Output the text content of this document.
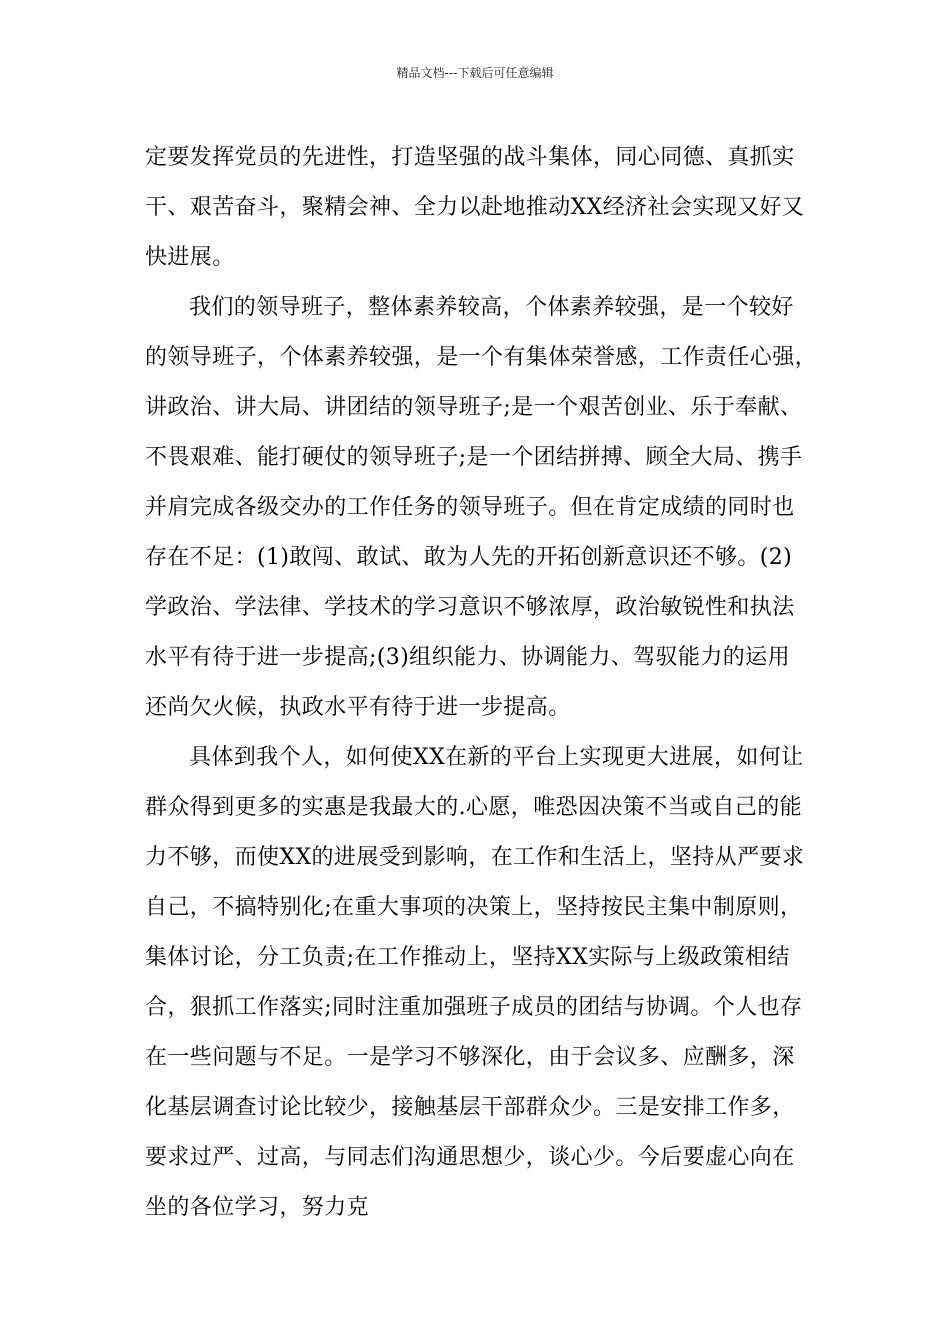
精品文档---下载后可任意编辑
定要发挥党员的先进性，打造坚强的战斗集体，同心同德、真抓实
干、艰苦奋斗，聚精会神、全力以赴地推动XX经济社会实现又好又
快进展。
我们的领导班子，整体素养较高，个体素养较强，是一个较好
的领导班子，个体素养较强，是一个有集体荣誉感，工作责任心强，
讲政治、讲大局、讲团结的领导班子;是一个艰苦创业、乐于奉献、
不畏艰难、能打硬仗的领导班子;是一个团结拼搏、顾全大局、携手
并肩完成各级交办的工作任务的领导班子。但在肯定成绩的同时也
存在不足：(1)敢闯、敢试、敢为人先的开拓创新意识还不够。(2)
学政治、学法律、学技术的学习意识不够浓厚，政治敏锐性和执法
水平有待于进一步提高;(3)组织能力、协调能力、驾驭能力的运用
还尚欠火候，执政水平有待于进一步提高。
具体到我个人，如何使XX在新的平台上实现更大进展，如何让
群众得到更多的实惠是我最大的.心愿，唯恐因决策不当或自己的能
力不够，而使XX的进展受到影响，在工作和生活上，坚持从严要求
自己，不搞特别化;在重大事项的决策上，坚持按民主集中制原则，
集体讨论，分工负责;在工作推动上，坚持XX实际与上级政策相结
合，狠抓工作落实;同时注重加强班子成员的团结与协调。个人也存
在一些问题与不足。一是学习不够深化，由于会议多、应酬多，深
化基层调查讨论比较少，接触基层干部群众少。三是安排工作多，
要求过严、过高，与同志们沟通思想少，谈心少。今后要虚心向在
坐的各位学习，努力克
